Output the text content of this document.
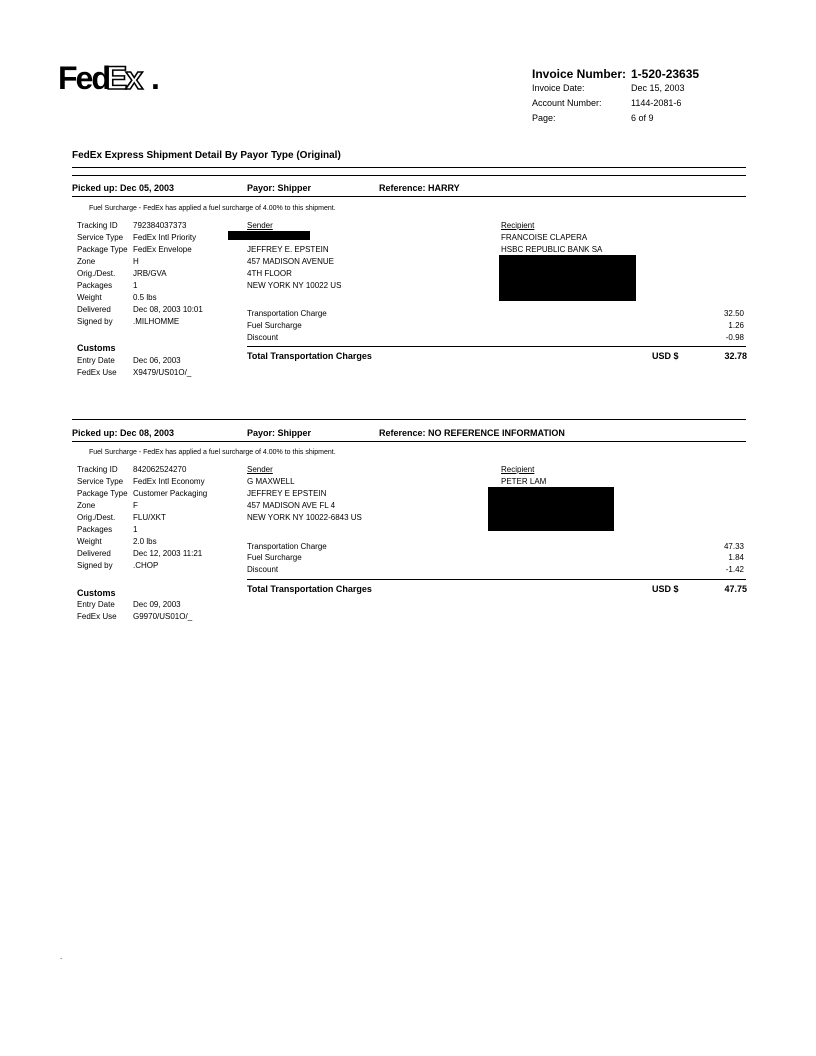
Fed
Ex .	Invoice Number: 1-520-23635
Invoice Date:	Dec 15, 2003
Account Number:	1144-2081-6
Page:	6 of 9
FedEx Express Shipment Detail By Payor Type (Original)
Picked up: Dec 05, 2003	Payor: Shipper	Reference: HARRY
Fuel Surcharge - FedEx has applied a fuel surcharge of 4.00% to this shipment.
Tracking ID 792384037373
Service Type FedEx Intl Priority
Package Type FedEx Envelope
Zone	H
Orig./Dest. JRB/GVA
Packages	1
Weight	0.5 lbs
Delivered	Dec 08, 2003 10:01
Signed by	.MILHOMME
Customs
Entry Date Dec 06, 2003
FedEx Use X9479/US01O/_
Sender
JEFFREY E. EPSTEIN
457 MADISON AVENUE
4TH FLOOR
NEW YORK NY 10022 US
Recipient
FRANCOISE CLAPERA
HSBC REPUBLIC BANK SA
Transportation Charge	32.50
Fuel Surcharge	1.26
Discount	-0.98
Total Transportation Charges	USD $	32.78
Picked up: Dec 08, 2003	Payor: Shipper	Reference: NO REFERENCE INFORMATION
Fuel Surcharge - FedEx has applied a fuel surcharge of 4.00% to this shipment.
Tracking ID 842062524270
Service Type FedEx Intl Economy
Package Type Customer Packaging
Zone	F
Orig./Dest. FLU/XKT
Packages	1
Weight	2.0 lbs
Delivered	Dec 12, 2003 11:21
Signed by	.CHOP
Customs
Entry Date Dec 09, 2003
FedEx Use G9970/US01O/_
Sender
G MAXWELL
JEFFREY E EPSTEIN
457 MADISON AVE FL 4
NEW YORK NY 10022-6843 US
Recipient
PETER LAM
Transportation Charge	47.33
Fuel Surcharge	1.84
Discount	-1.42
Total Transportation Charges	USD $	47.75
.
